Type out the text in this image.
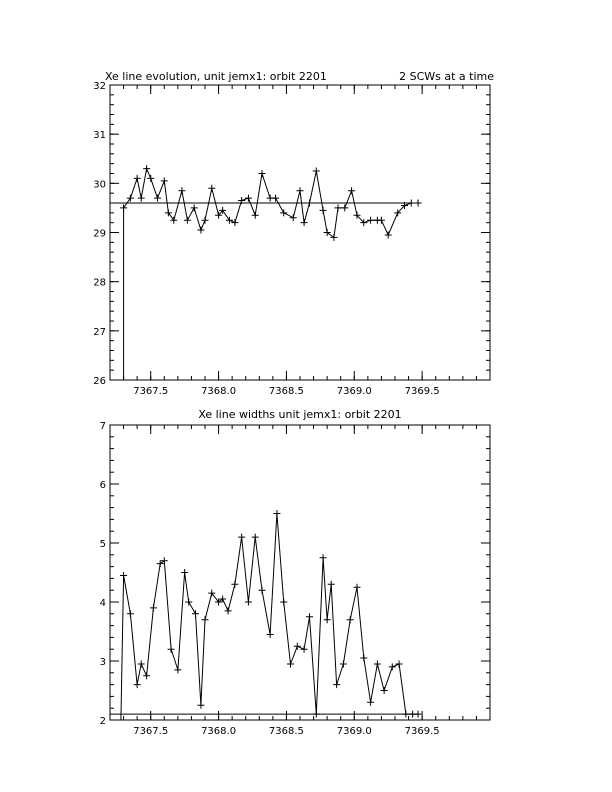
Xe line evolution, unit jemx1: orbit 2201	2 SCWs at a time
7367.5	7368.0	7368.5	7369.0	7369.5
26
27
28
29
30
31
32
Xe line widths unit jemx1: orbit 2201
7367.5	7368.0	7368.5	7369.0	7369.5
2
3
4
5
6
7
